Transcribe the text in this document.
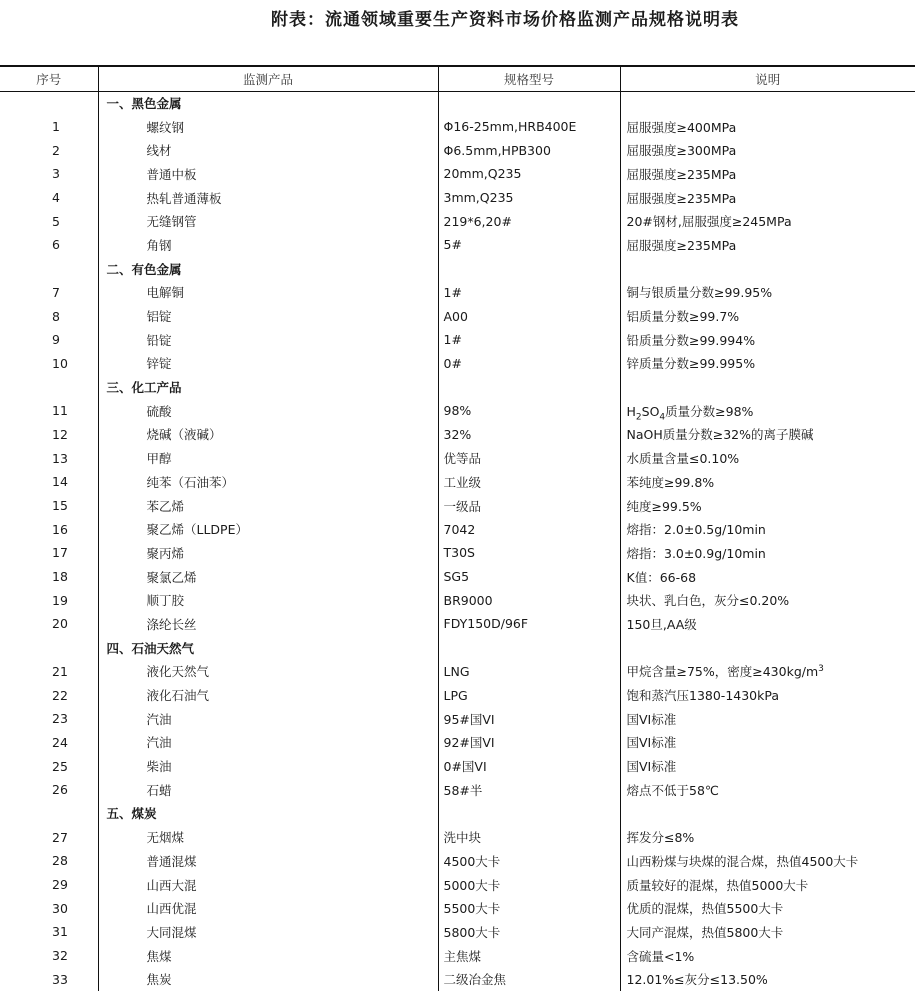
附表：流通领域重要生产资料市场价格监测产品规格说明表
序号	监测产品	规格型号	说明
	一、黑色金属		
1	螺纹钢	Φ16-25mm,HRB400E	屈服强度≥400MPa
2	线材	Φ6.5mm,HPB300	屈服强度≥300MPa
3	普通中板	20mm,Q235	屈服强度≥235MPa
4	热轧普通薄板	3mm,Q235	屈服强度≥235MPa
5	无缝钢管	219*6,20#	20#钢材,屈服强度≥245MPa
6	角钢	5#	屈服强度≥235MPa
	二、有色金属		
7	电解铜	1#	铜与银质量分数≥99.95%
8	铝锭	A00	铝质量分数≥99.7%
9	铅锭	1#	铅质量分数≥99.994%
10	锌锭	0#	锌质量分数≥99.995%
	三、化工产品		
11	硫酸	98%	$H_2SO_4$质量分数≥98%
12	烧碱（液碱）	32%	NaOH质量分数≥32%的离子膜碱
13	甲醇	优等品	水质量含量≤0.10%
14	纯苯（石油苯）	工业级	苯纯度≥99.8%
15	苯乙烯	一级品	纯度≥99.5%
16	聚乙烯（LLDPE）	7042	熔指：2.0±0.5g/10min
17	聚丙烯	T30S	熔指：3.0±0.9g/10min
18	聚氯乙烯	SG5	K值：66-68
19	顺丁胶	BR9000	块状、乳白色，灰分≤0.20%
20	涤纶长丝	FDY150D/96F	150旦,AA级
	四、石油天然气		
21	液化天然气	LNG	甲烷含量≥75%，密度$\ge 430kg/m^3$
22	液化石油气	LPG	饱和蒸汽压1380-1430kPa
23	汽油	95#国VI	国VI标准
24	汽油	92#国VI	国VI标准
25	柴油	0#国VI	国VI标准
26	石蜡	58#半	熔点不低于58℃
	五、煤炭		
27	无烟煤	洗中块	挥发分≤8%
28	普通混煤	4500大卡	山西粉煤与块煤的混合煤，热值4500大卡
29	山西大混	5000大卡	质量较好的混煤，热值5000大卡
30	山西优混	5500大卡	优质的混煤，热值5500大卡
31	大同混煤	5800大卡	大同产混煤，热值5800大卡
32	焦煤	主焦煤	含硫量<1%
33	焦炭	二级冶金焦	12.01%≤灰分≤13.50%
